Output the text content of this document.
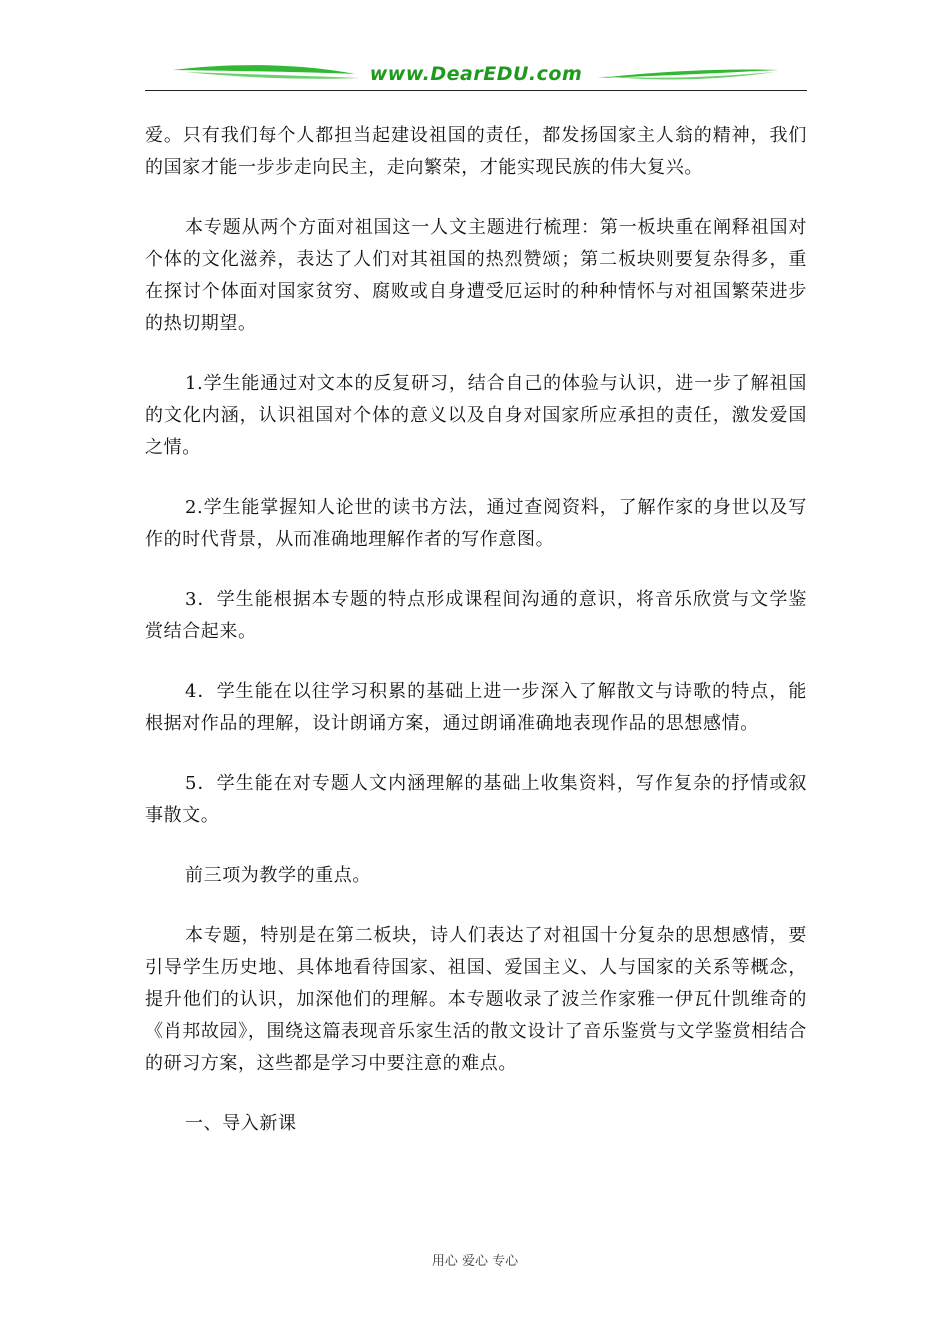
www.DearEDU.com

爱。只有我们每个人都担当起建设祖国的责任，都发扬国家主人翁的精神，我们的国家才能一步步走向民主，走向繁荣，才能实现民族的伟大复兴。

本专题从两个方面对祖国这一人文主题进行梳理：第一板块重在阐释祖国对个体的文化滋养，表达了人们对其祖国的热烈赞颂；第二板块则要复杂得多，重在探讨个体面对国家贫穷、腐败或自身遭受厄运时的种种情怀与对祖国繁荣进步的热切期望。

1.学生能通过对文本的反复研习，结合自己的体验与认识，进一步了解祖国的文化内涵，认识祖国对个体的意义以及自身对国家所应承担的责任，激发爱国之情。

2.学生能掌握知人论世的读书方法，通过查阅资料，了解作家的身世以及写作的时代背景，从而准确地理解作者的写作意图。

3．学生能根据本专题的特点形成课程间沟通的意识，将音乐欣赏与文学鉴赏结合起来。

4．学生能在以往学习积累的基础上进一步深入了解散文与诗歌的特点，能根据对作品的理解，设计朗诵方案，通过朗诵准确地表现作品的思想感情。

5．学生能在对专题人文内涵理解的基础上收集资料，写作复杂的抒情或叙事散文。

前三项为教学的重点。

本专题，特别是在第二板块，诗人们表达了对祖国十分复杂的思想感情，要引导学生历史地、具体地看待国家、祖国、爱国主义、人与国家的关系等概念，提升他们的认识，加深他们的理解。本专题收录了波兰作家雅一伊瓦什凯维奇的《肖邦故园》，围绕这篇表现音乐家生活的散文设计了音乐鉴赏与文学鉴赏相结合的研习方案，这些都是学习中要注意的难点。

一、导入新课

用心 爱心 专心
